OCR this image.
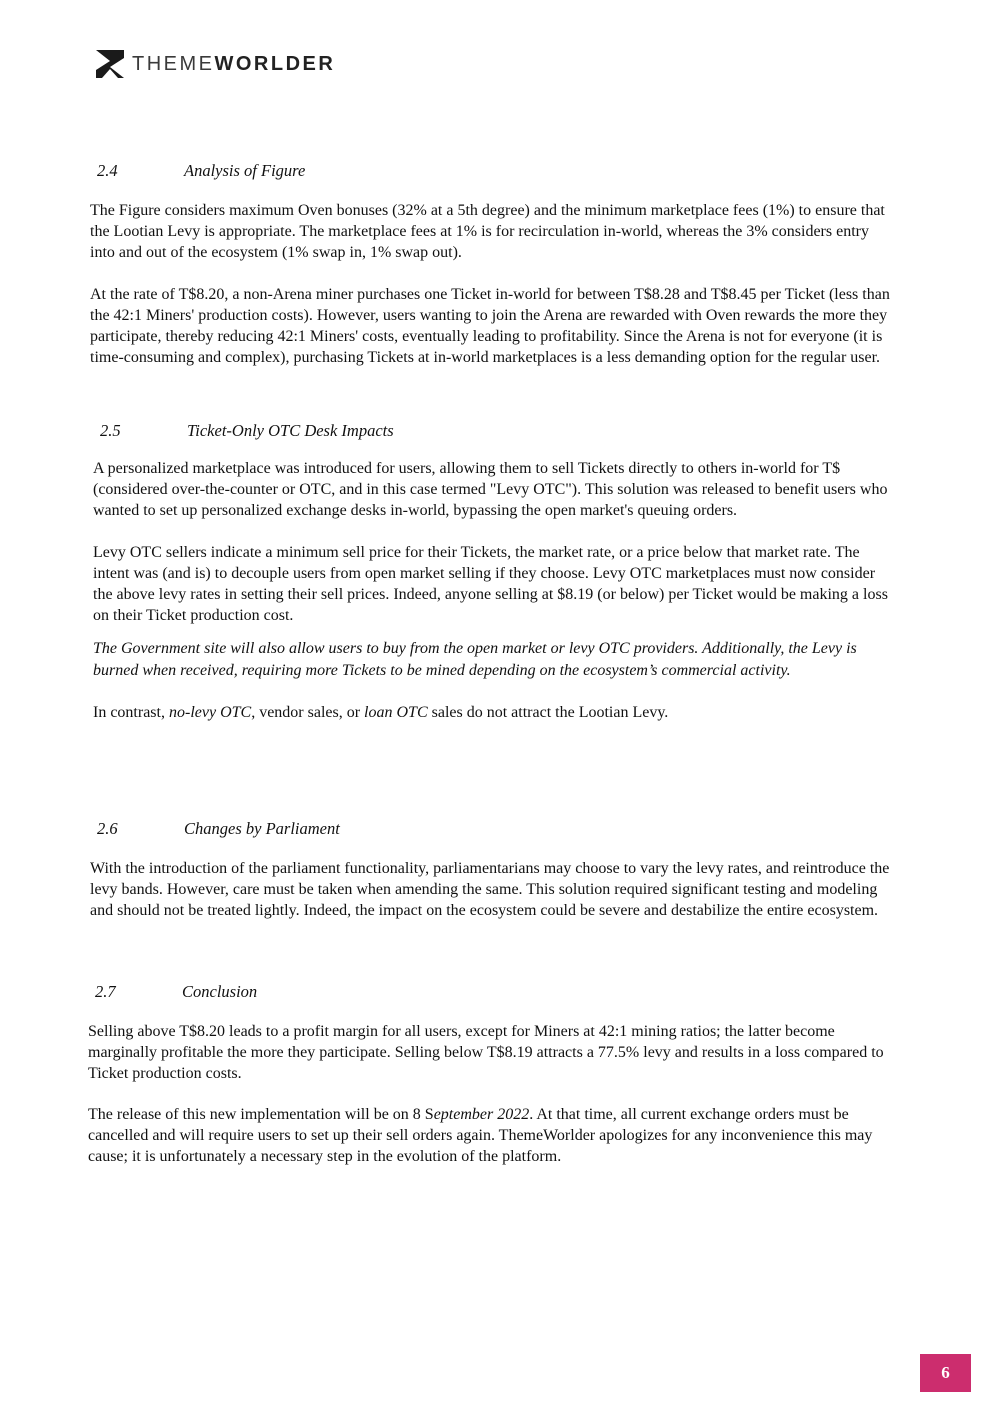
THEMEWORLDER
2.4	Analysis of Figure

The Figure considers maximum Oven bonuses (32% at a 5th degree) and the minimum marketplace fees (1%) to ensure that the Lootian Levy is appropriate. The marketplace fees at 1% is for recirculation in-world, whereas the 3% considers entry into and out of the ecosystem (1% swap in, 1% swap out).

At the rate of T$8.20, a non-Arena miner purchases one Ticket in-world for between T$8.28 and T$8.45 per Ticket (less than the 42:1 Miners' production costs). However, users wanting to join the Arena are rewarded with Oven rewards the more they participate, thereby reducing 42:1 Miners' costs, eventually leading to profitability. Since the Arena is not for everyone (it is time-consuming and complex), purchasing Tickets at in-world marketplaces is a less demanding option for the regular user.

2.5	Ticket-Only OTC Desk Impacts

A personalized marketplace was introduced for users, allowing them to sell Tickets directly to others in-world for T$ (considered over-the-counter or OTC, and in this case termed "Levy OTC"). This solution was released to benefit users who wanted to set up personalized exchange desks in-world, bypassing the open market's queuing orders.

Levy OTC sellers indicate a minimum sell price for their Tickets, the market rate, or a price below that market rate. The intent was (and is) to decouple users from open market selling if they choose. Levy OTC marketplaces must now consider the above levy rates in setting their sell prices. Indeed, anyone selling at $8.19 (or below) per Ticket would be making a loss on their Ticket production cost.

The Government site will also allow users to buy from the open market or levy OTC providers. Additionally, the Levy is burned when received, requiring more Tickets to be mined depending on the ecosystem’s commercial activity.

In contrast, no-levy OTC, vendor sales, or loan OTC sales do not attract the Lootian Levy.

2.6	Changes by Parliament

With the introduction of the parliament functionality, parliamentarians may choose to vary the levy rates, and reintroduce the levy bands. However, care must be taken when amending the same. This solution required significant testing and modeling and should not be treated lightly. Indeed, the impact on the ecosystem could be severe and destabilize the entire ecosystem.

2.7	Conclusion

Selling above T$8.20 leads to a profit margin for all users, except for Miners at 42:1 mining ratios; the latter become marginally profitable the more they participate. Selling below T$8.19 attracts a 77.5% levy and results in a loss compared to Ticket production costs.

The release of this new implementation will be on 8 September 2022. At that time, all current exchange orders must be cancelled and will require users to set up their sell orders again. ThemeWorlder apologizes for any inconvenience this may cause; it is unfortunately a necessary step in the evolution of the platform.

6
